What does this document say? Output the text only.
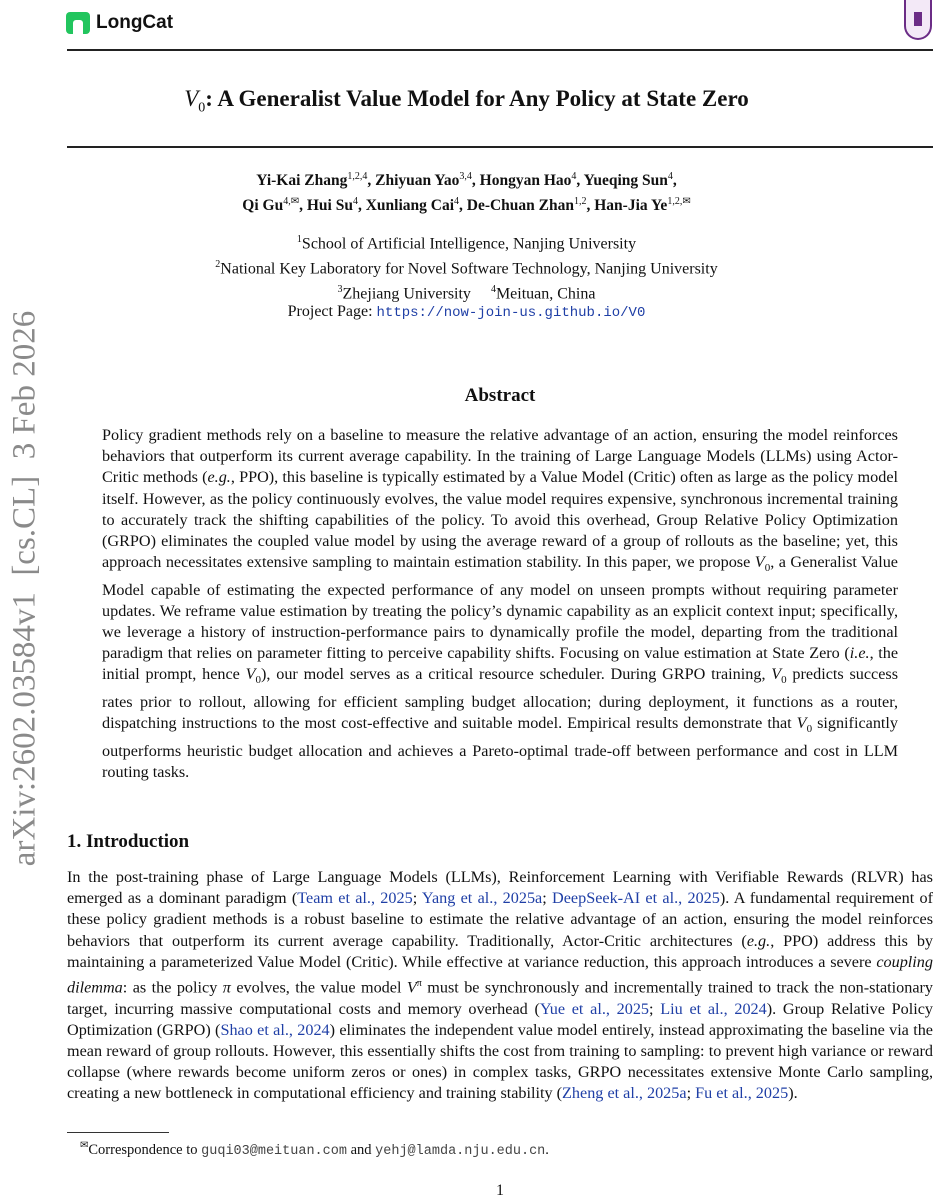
LongCat
arXiv:2602.03584v1  [cs.CL]  3 Feb 2026
$V_0$: A Generalist Value Model for Any Policy at State Zero
Yi-Kai Zhang$^{1,2,4}$, Zhiyuan Yao$^{3,4}$, Hongyan Hao$^4$, Yueqing Sun$^4$,
Qi $Gu^{4,✉}$, Hui Su$^4$, Xunliang Cai$^4$, De-Chuan Zhan$^{1,2}$, Han-Jia $Ye^{1,2,✉}$
$^1$School of Artificial Intelligence, Nanjing University
$^2$National Key Laboratory for Novel Software Technology, Nanjing University
$^3$Zhejiang University $^4$Meituan, China
Project Page: https://now-join-us.github.io/V0
Abstract
Policy gradient methods rely on a baseline to measure the relative advantage of an action, ensuring the model reinforces behaviors that outperform its current average capability. In the training of Large Language Models (LLMs) using Actor-Critic methods (e.g., PPO), this baseline is typically estimated by a Value Model (Critic) often as large as the policy model itself. However, as the policy continuously evolves, the value model requires expensive, synchronous incremental training to accurately track the shifting capabilities of the policy. To avoid this overhead, Group Relative Policy Optimization (GRPO) eliminates the coupled value model by using the average reward of a group of rollouts as the baseline; yet, this approach necessitates extensive sampling to maintain estimation stability. In this paper, we propose $V_0$, a Generalist Value Model capable of estimating the expected performance of any model on unseen prompts without requiring parameter updates. We reframe value estimation by treating the policy’s dynamic capability as an explicit context input; specifically, we leverage a history of instruction-performance pairs to dynamically profile the model, departing from the traditional paradigm that relies on parameter fitting to perceive capability shifts. Focusing on value estimation at State Zero (i.e., the initial prompt, hence $V_0$), our model serves as a critical resource scheduler. During GRPO training, $V_0$ predicts success rates prior to rollout, allowing for efficient sampling budget allocation; during deployment, it functions as a router, dispatching instructions to the most cost-effective and suitable model. Empirical results demonstrate that $V_0$ significantly outperforms heuristic budget allocation and achieves a Pareto-optimal trade-off between performance and cost in LLM routing tasks.
1. Introduction
In the post-training phase of Large Language Models (LLMs), Reinforcement Learning with Verifiable Rewards (RLVR) has emerged as a dominant paradigm (Team et al., 2025; Yang et al., 2025a; DeepSeek-AI et al., 2025). A fundamental requirement of these policy gradient methods is a robust baseline to estimate the relative advantage of an action, ensuring the model reinforces behaviors that outperform its current average capability. Traditionally, Actor-Critic architectures (e.g., PPO) address this by maintaining a parameterized Value Model (Critic). While effective at variance reduction, this approach introduces a severe coupling dilemma: as the policy π evolves, the value model $V^\pi$ must be synchronously and incrementally trained to track the non-stationary target, incurring massive computational costs and memory overhead (Yue et al., 2025; Liu et al., 2024). Group Relative Policy Optimization (GRPO) (Shao et al., 2024) eliminates the independent value model entirely, instead approximating the baseline via the mean reward of group rollouts. However, this essentially shifts the cost from training to sampling: to prevent high variance or reward collapse (where rewards become uniform zeros or ones) in complex tasks, GRPO necessitates extensive Monte Carlo sampling, creating a new bottleneck in computational efficiency and training stability (Zheng et al., 2025a; Fu et al., 2025).
✉Correspondence to guqi03@meituan.com and yehj@lamda.nju.edu.cn.
1
